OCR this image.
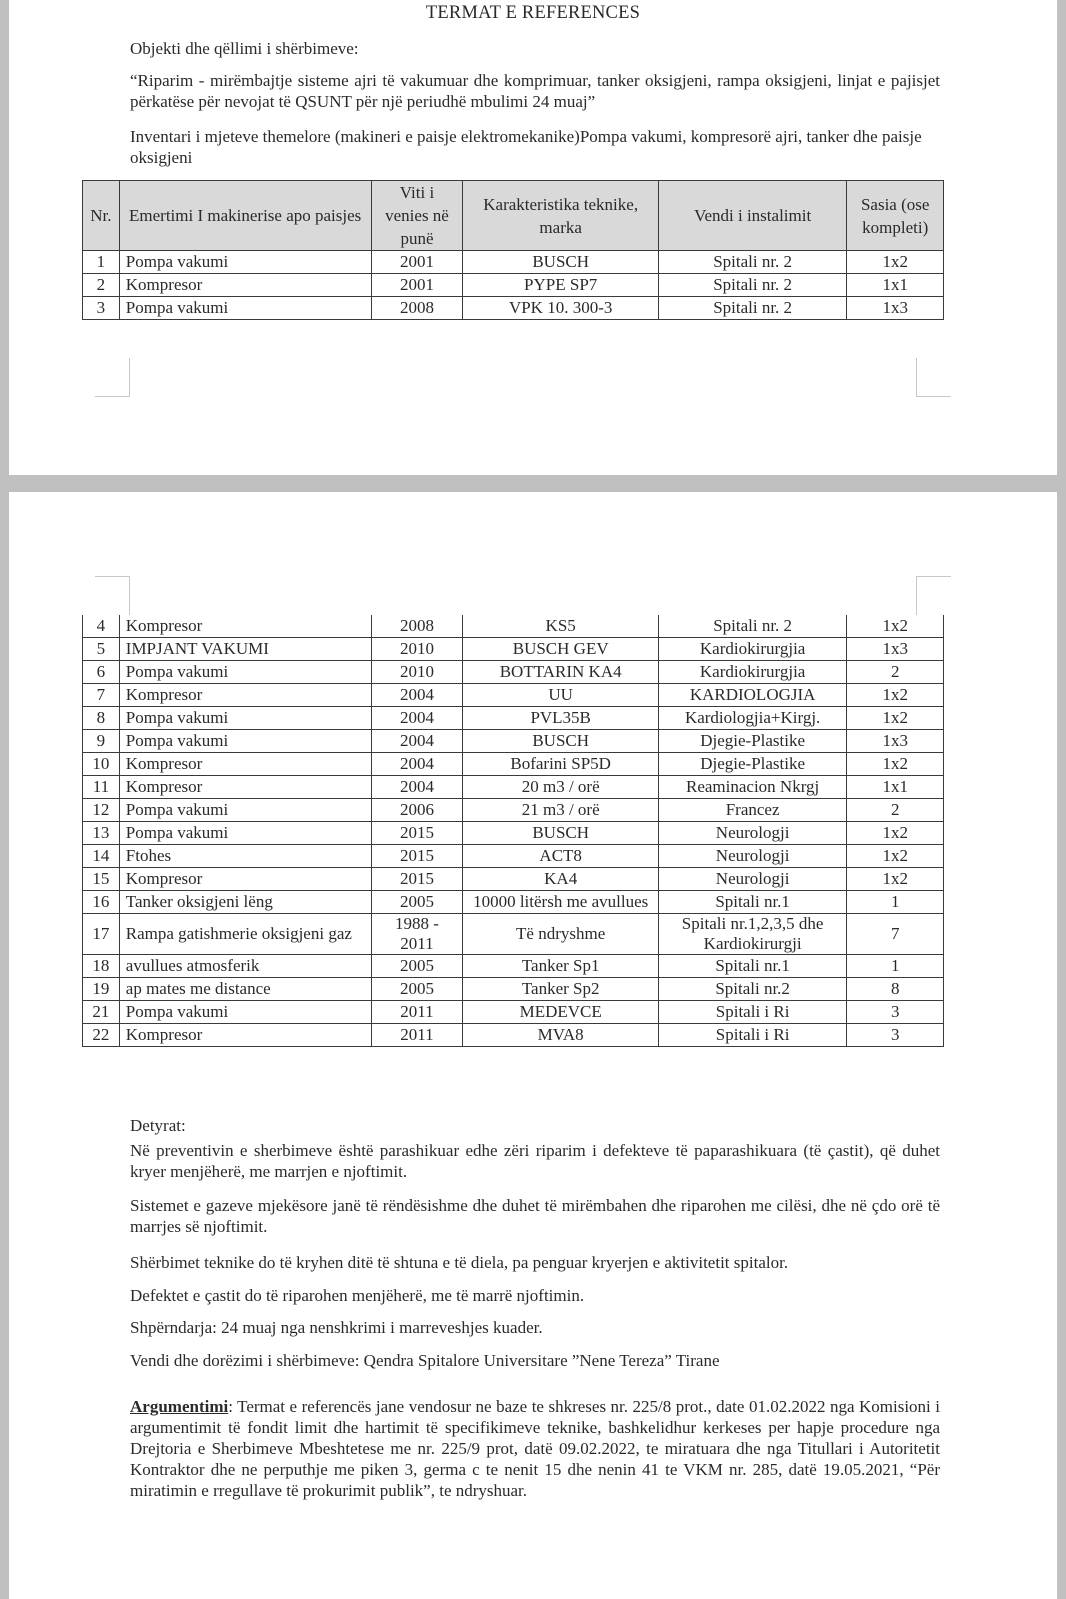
TERMAT E REFERENCES
Objekti dhe qëllimi i shërbimeve:
“Riparim - mirëmbajtje sisteme ajri të vakumuar dhe komprimuar, tanker oksigjeni, rampa oksigjeni, linjat e pajisjet përkatëse për nevojat të QSUNT për një periudhë mbulimi 24 muaj”
Inventari i mjeteve themelore (makineri e paisje elektromekanike)Pompa vakumi, kompresorë ajri, tanker dhe paisje oksigjeni
Nr.	Emertimi I makinerise apo paisjes	Viti i venies në punë	Karakteristika teknike, marka	Vendi i instalimit	Sasia (ose kompleti)
1	Pompa vakumi	2001	BUSCH	Spitali nr. 2	1x2
2	Kompresor	2001	PYPE SP7	Spitali nr. 2	1x1
3	Pompa vakumi	2008	VPK 10. 300-3	Spitali nr. 2	1x3
4	Kompresor	2008	KS5	Spitali nr. 2	1x2
5	IMPJANT VAKUMI	2010	BUSCH GEV	Kardiokirurgjia	1x3
6	Pompa vakumi	2010	BOTTARIN KA4	Kardiokirurgjia	2
7	Kompresor	2004	UU	KARDIOLOGJIA	1x2
8	Pompa vakumi	2004	PVL35B	Kardiologjia+Kirgj.	1x2
9	Pompa vakumi	2004	BUSCH	Djegie-Plastike	1x3
10	Kompresor	2004	Bofarini SP5D	Djegie-Plastike	1x2
11	Kompresor	2004	20 m3 / orë	Reaminacion Nkrgj	1x1
12	Pompa vakumi	2006	21 m3 / orë	Francez	2
13	Pompa vakumi	2015	BUSCH	Neurologji	1x2
14	Ftohes	2015	ACT8	Neurologji	1x2
15	Kompresor	2015	KA4	Neurologji	1x2
16	Tanker oksigjeni lëng	2005	10000 litërsh me avullues	Spitali nr.1	1
17	Rampa gatishmerie oksigjeni gaz	1988 - 2011	Të ndryshme	Spitali nr.1,2,3,5 dhe Kardiokirurgji	7
18	avullues atmosferik	2005	Tanker Sp1	Spitali nr.1	1
19	ap mates me distance	2005	Tanker Sp2	Spitali nr.2	8
21	Pompa vakumi	2011	MEDEVCE	Spitali i Ri	3
22	Kompresor	2011	MVA8	Spitali i Ri	3
Detyrat:
Në preventivin e sherbimeve është parashikuar edhe zëri riparim i defekteve të paparashikuara (të çastit), që duhet kryer menjëherë, me marrjen e njoftimit.
Sistemet e gazeve mjekësore janë të rëndësishme dhe duhet të mirëmbahen dhe riparohen me cilësi, dhe në çdo orë të marrjes së njoftimit.
Shërbimet teknike do të kryhen ditë të shtuna e të diela, pa penguar kryerjen e aktivitetit spitalor.
Defektet e çastit do të riparohen menjëherë, me të marrë njoftimin.
Shpërndarja: 24 muaj nga nenshkrimi i marreveshjes kuader.
Vendi dhe dorëzimi i shërbimeve: Qendra Spitalore Universitare ”Nene Tereza” Tirane
Argumentimi: Termat e referencës jane vendosur ne baze te shkreses nr. 225/8 prot., date 01.02.2022 nga Komisioni i argumentimit të fondit limit dhe hartimit të specifikimeve teknike, bashkelidhur kerkeses per hapje procedure nga Drejtoria e Sherbimeve Mbeshtetese me nr. 225/9 prot, datë 09.02.2022, te miratuara dhe nga Titullari i Autoritetit Kontraktor dhe ne perputhje me piken 3, germa c te nenit 15 dhe nenin 41 te VKM nr. 285, datë 19.05.2021, “Për miratimin e rregullave të prokurimit publik”, te ndryshuar.
